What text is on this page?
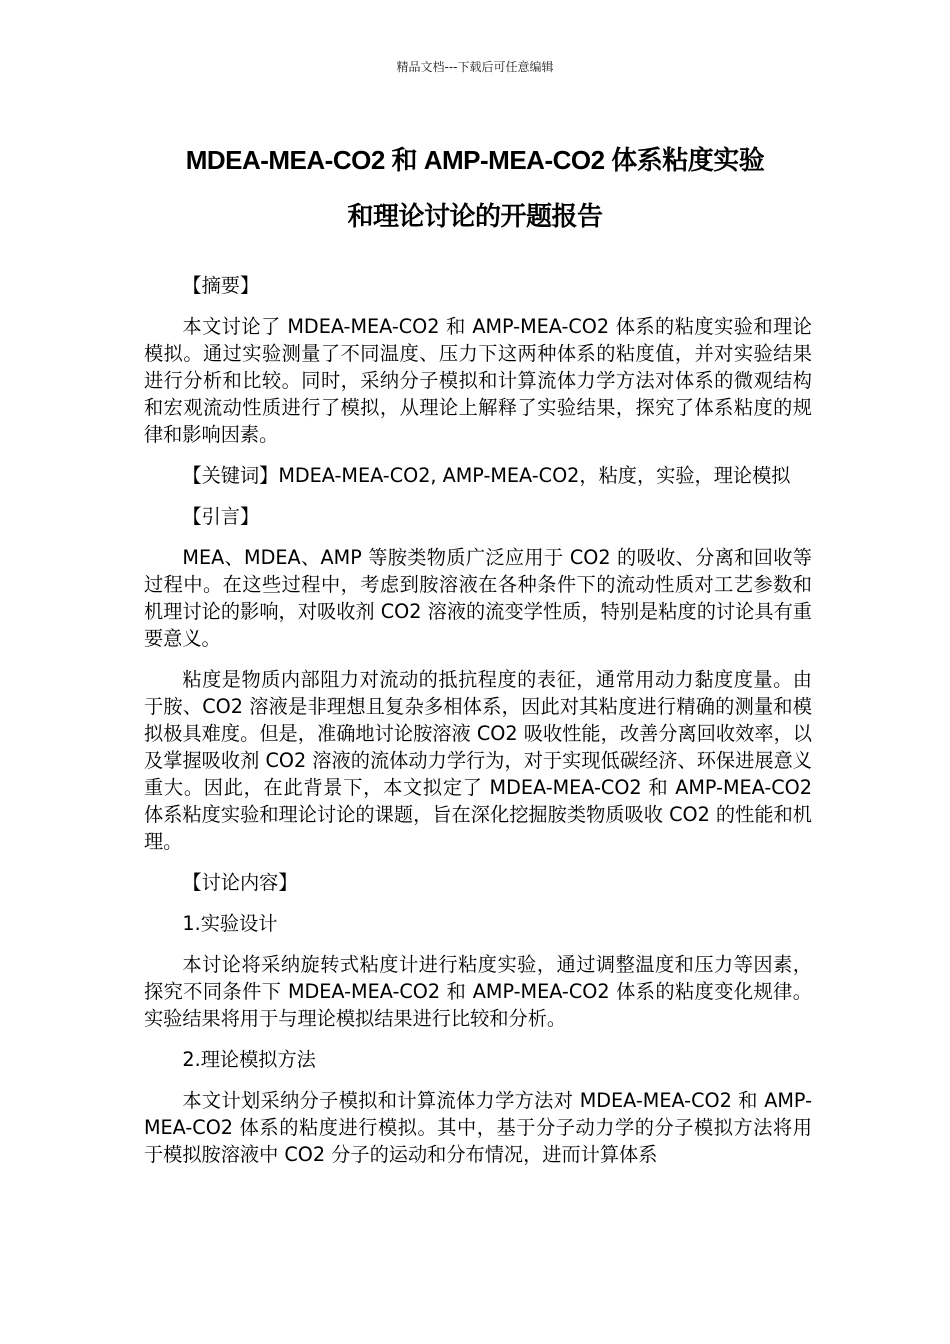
精品文档---下载后可任意编辑
MDEA-MEA-CO2 和 AMP-MEA-CO2 体系粘度实验
和理论讨论的开题报告

【摘要】

本文讨论了 MDEA-MEA-CO2 和 AMP-MEA-CO2 体系的粘度实验和理论模拟。通过实验测量了不同温度、压力下这两种体系的粘度值，并对实验结果进行分析和比较。同时，采纳分子模拟和计算流体力学方法对体系的微观结构和宏观流动性质进行了模拟，从理论上解释了实验结果，探究了体系粘度的规律和影响因素。

【关键词】MDEA-MEA-CO2, AMP-MEA-CO2，粘度，实验，理论模拟

【引言】

MEA、MDEA、AMP 等胺类物质广泛应用于 CO2 的吸收、分离和回收等过程中。在这些过程中，考虑到胺溶液在各种条件下的流动性质对工艺参数和机理讨论的影响，对吸收剂 CO2 溶液的流变学性质，特别是粘度的讨论具有重要意义。

粘度是物质内部阻力对流动的抵抗程度的表征，通常用动力黏度度量。由于胺、CO2 溶液是非理想且复杂多相体系，因此对其粘度进行精确的测量和模拟极具难度。但是，准确地讨论胺溶液 CO2 吸收性能，改善分离回收效率，以及掌握吸收剂 CO2 溶液的流体动力学行为，对于实现低碳经济、环保进展意义重大。因此，在此背景下，本文拟定了 MDEA-MEA-CO2 和 AMP-MEA-CO2 体系粘度实验和理论讨论的课题，旨在深化挖掘胺类物质吸收 CO2 的性能和机理。

【讨论内容】

1.实验设计

本讨论将采纳旋转式粘度计进行粘度实验，通过调整温度和压力等因素，探究不同条件下 MDEA-MEA-CO2 和 AMP-MEA-CO2 体系的粘度变化规律。实验结果将用于与理论模拟结果进行比较和分析。

2.理论模拟方法

本文计划采纳分子模拟和计算流体力学方法对 MDEA-MEA-CO2 和 AMP-MEA-CO2 体系的粘度进行模拟。其中，基于分子动力学的分子模拟方法将用于模拟胺溶液中 CO2 分子的运动和分布情况，进而计算体系
